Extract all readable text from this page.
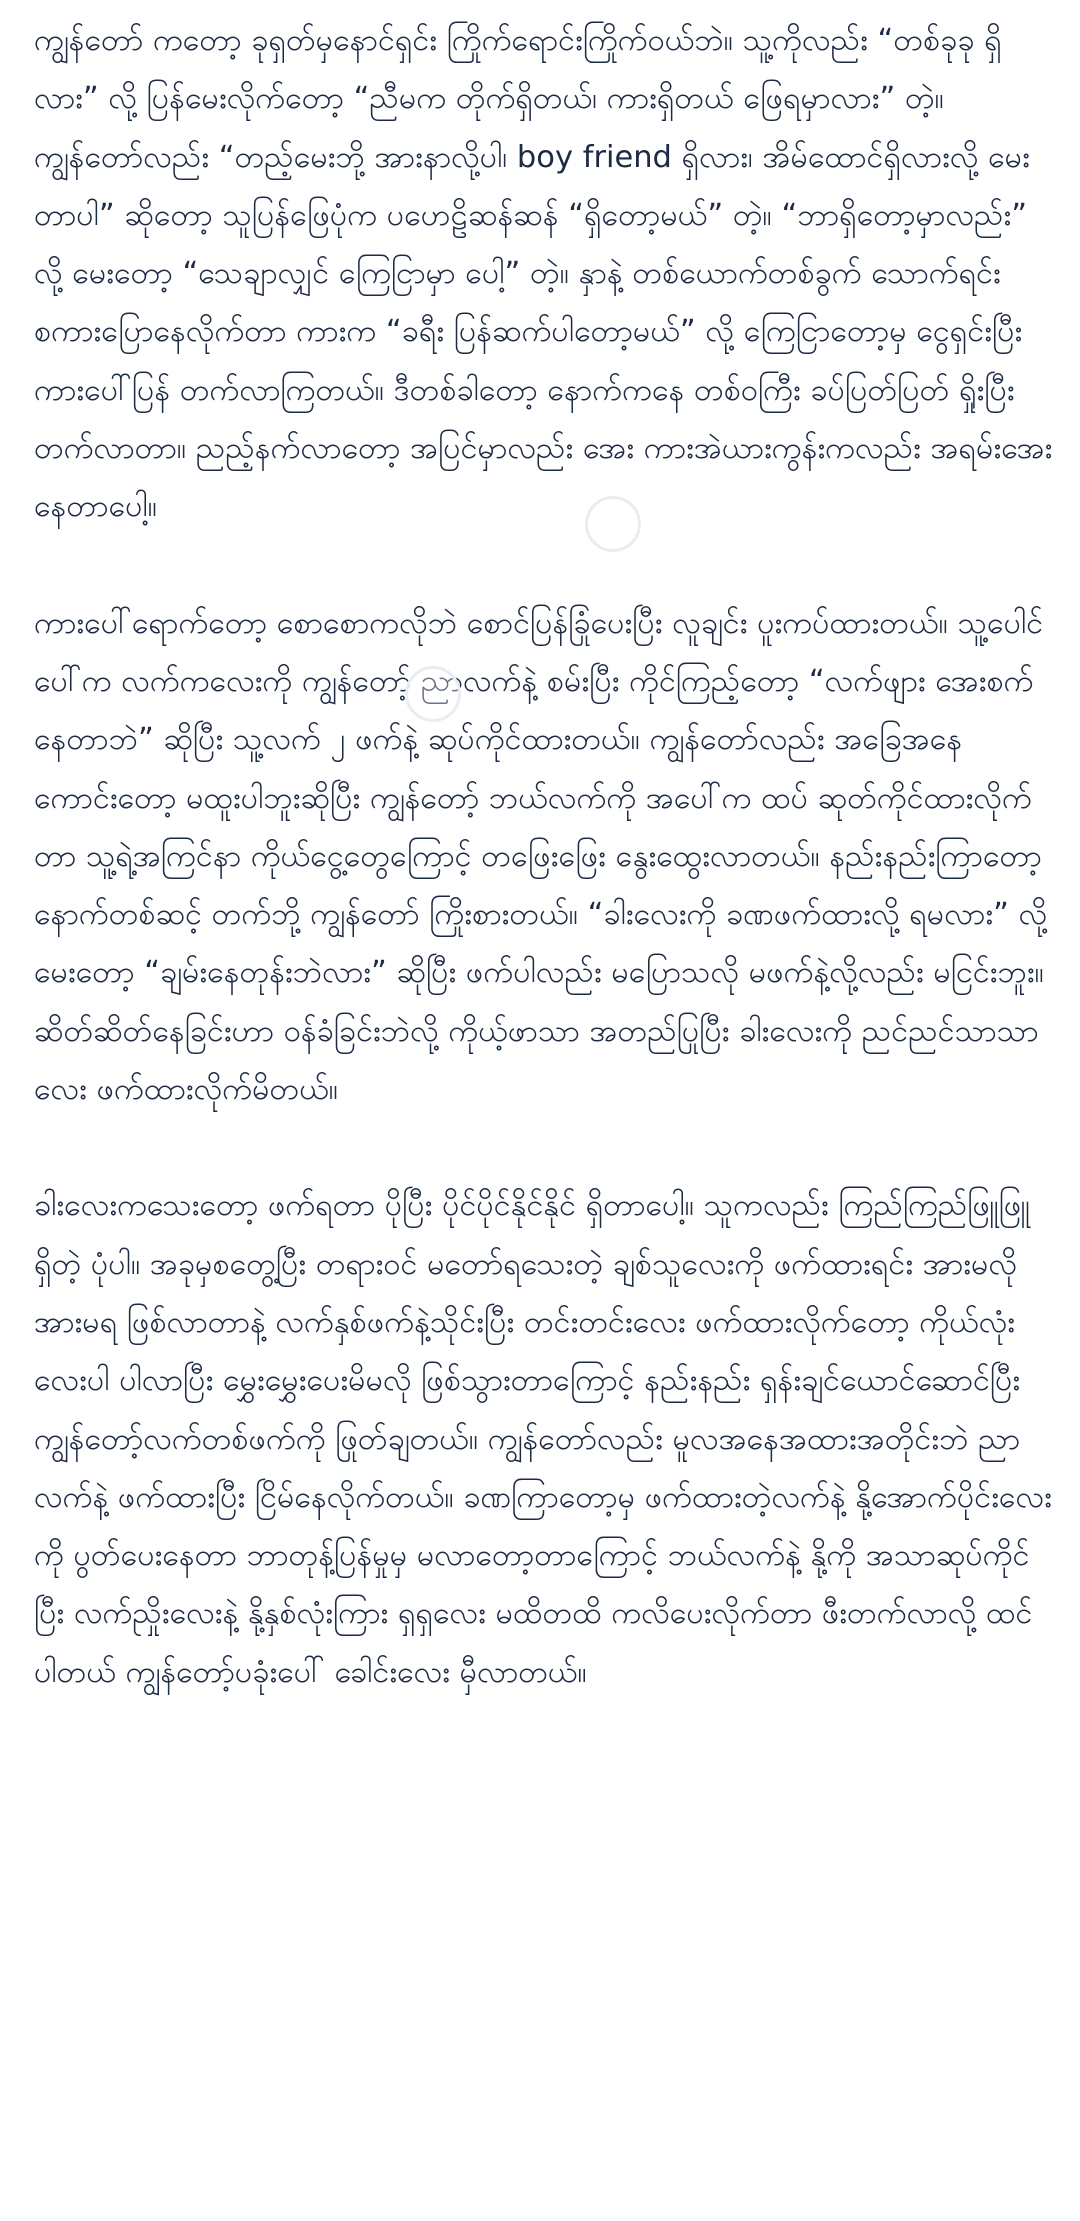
ကျွန်တော် ကတော့ ခုရှတ်မှနောင်ရှင်း ကြိုက်ရောင်းကြိုက်ဝယ်ဘဲ။ သူ့ကိုလည်း “တစ်ခုခု ရှိလား” လို့ ပြန်မေးလိုက်တော့ “ညီမက တိုက်ရှိတယ်၊ ကားရှိတယ် ဖြေရမှာလား” တဲ့။ ကျွန်တော်လည်း “တည့်မေးဘို့ အားနာလို့ပါ၊ boy friend ရှိလား၊ အိမ်ထောင်ရှိလားလို့ မေးတာပါ” ဆိုတော့ သူပြန်ဖြေပုံက ပဟေဠိဆန်ဆန် “ရှိတော့မယ်” တဲ့။ “ဘာရှိတော့မှာလည်း” လို့ မေးတော့ “သေချာလျှင် ကြေငြာမှာ ပေါ့” တဲ့။ နှာနဲ့ တစ်ယောက်တစ်ခွက် သောက်ရင်း စကားပြောနေလိုက်တာ ကားက “ခရီး ပြန်ဆက်ပါတော့မယ်” လို့ ကြေငြာတော့မှ ငွေရှင်းပြီး ကားပေါ်ပြန် တက်လာကြတယ်။ ဒီတစ်ခါတော့ နောက်ကနေ တစ်ဝကြီး ခပ်ပြတ်ပြတ် ရှိုးပြီး တက်လာတာ။ ညည့်နက်လာတော့ အပြင်မှာလည်း အေး ကားအဲယားကွန်းကလည်း အရမ်းအေးနေတာပေါ့။

ကားပေါ်ရောက်တော့ စောစောကလိုဘဲ စောင်ပြန်ခြုံပေးပြီး လူချင်း ပူးကပ်ထားတယ်။ သူ့ပေါင်ပေါ်က လက်ကလေးကို ကျွန်တော့် ညာလက်နဲ့ စမ်းပြီး ကိုင်ကြည့်တော့ “လက်ဖျား အေးစက်နေတာဘဲ” ဆိုပြီး သူ့လက် ၂ ဖက်နဲ့ ဆုပ်ကိုင်ထားတယ်။ ကျွန်တော်လည်း အခြေအနေ ကောင်းတော့ မထူးပါဘူးဆိုပြီး ကျွန်တော့် ဘယ်လက်ကို အပေါ်က ထပ် ဆုတ်ကိုင်ထားလိုက်တာ သူ့ရဲ့အကြင်နာ ကိုယ်ငွေ့တွေကြောင့် တဖြေးဖြေး နွေးထွေးလာတယ်။ နည်းနည်းကြာတော့ နောက်တစ်ဆင့် တက်ဘို့ ကျွန်တော် ကြိုးစားတယ်။ “ခါးလေးကို ခဏဖက်ထားလို့ ရမလား” လို့ မေးတော့ “ချမ်းနေတုန်းဘဲလား” ဆိုပြီး ဖက်ပါလည်း မပြောသလို မဖက်နဲ့လို့လည်း မငြင်းဘူး။ ဆိတ်ဆိတ်နေခြင်းဟာ ဝန်ခံခြင်းဘဲလို့ ကိုယ့်ဖာသာ အတည်ပြုပြီး ခါးလေးကို ညင်ညင်သာသာလေး ဖက်ထားလိုက်မိတယ်။

ခါးလေးကသေးတော့ ဖက်ရတာ ပိုပြီး ပိုင်ပိုင်နိုင်နိုင် ရှိတာပေါ့။ သူကလည်း ကြည်ကြည်ဖြူဖြူ ရှိတဲ့ ပုံပါ။ အခုမှစတွေ့ပြီး တရားဝင် မတော်ရသေးတဲ့ ချစ်သူလေးကို ဖက်ထားရင်း အားမလိုအားမရ ဖြစ်လာတာနဲ့ လက်နှစ်ဖက်နဲ့သိုင်းပြီး တင်းတင်းလေး ဖက်ထားလိုက်တော့ ကိုယ်လုံးလေးပါ ပါလာပြီး မွှေးမွှေးပေးမိမလို ဖြစ်သွားတာကြောင့် နည်းနည်း ရှန်းချင်ယောင်ဆောင်ပြီး ကျွန်တော့်လက်တစ်ဖက်ကို ဖြုတ်ချတယ်။ ကျွန်တော်လည်း မူလအနေအထားအတိုင်းဘဲ ညာလက်နဲ့ ဖက်ထားပြီး ငြိမ်နေလိုက်တယ်။ ခဏကြာတော့မှ ဖက်ထားတဲ့လက်နဲ့ နို့အောက်ပိုင်းလေးကို ပွတ်ပေးနေတာ ဘာတုန့်ပြန်မှုမှ မလာတော့တာကြောင့် ဘယ်လက်နဲ့ နို့ကို အသာဆုပ်ကိုင်ပြီး လက်ညှိုးလေးနဲ့ နို့နှစ်လုံးကြား ရှရှလေး မထိတထိ ကလိပေးလိုက်တာ ဖီးတက်လာလို့ ထင်ပါတယ် ကျွန်တော့်ပခုံးပေါ် ခေါင်းလေး မှီလာတယ်။
